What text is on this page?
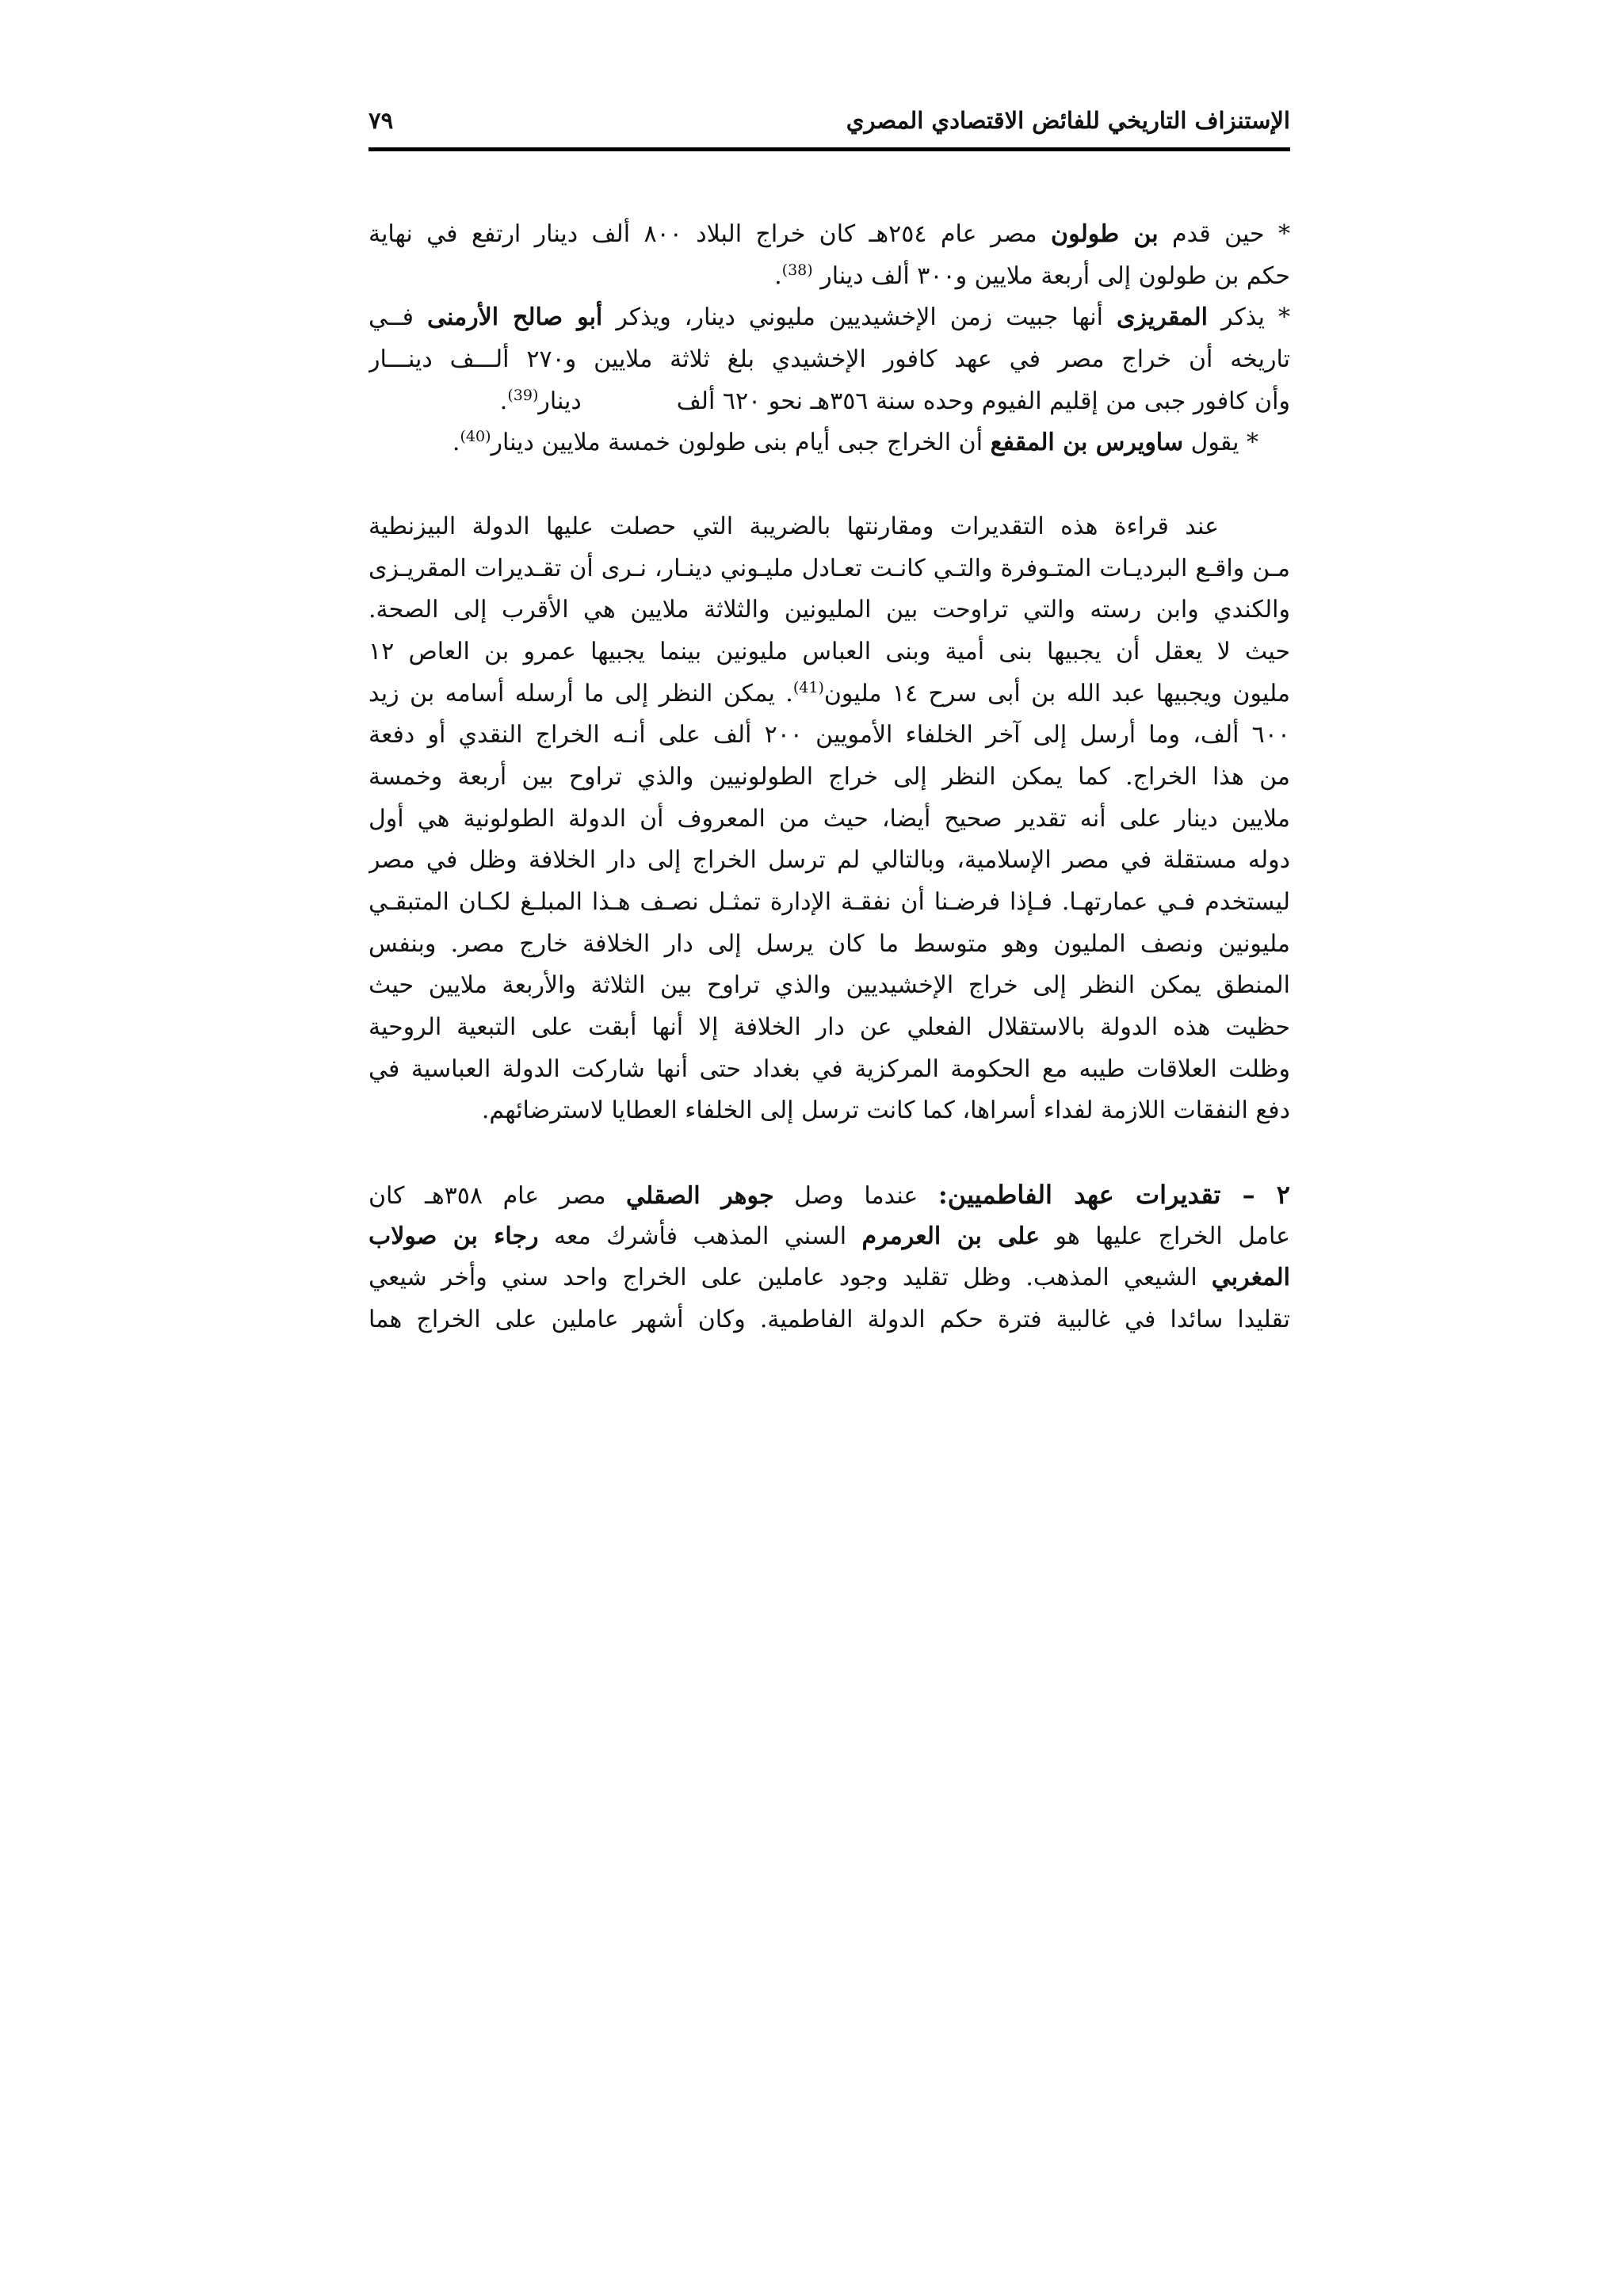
الإستنزاف التاريخي للفائض الاقتصادي المصري
٧٩
* حين قدم بن طولون مصر عام ٢٥٤هـ كان خراج البلاد ٨٠٠ ألف دينار ارتفع في نهاية
حكم بن طولون إلى أربعة ملايين و٣٠٠ ألف دينار $^{(38)}$.
* يذكر المقريزى أنها جبيت زمن الإخشيديين مليوني دينار، ويذكر أبو صالح الأرمنى فــي
تاريخه أن خراج مصر في عهد كافور الإخشيدي بلغ ثلاثة ملايين و٢٧٠ ألـــف دينـــار
وأن كافور جبى من إقليم الفيوم وحده سنة ٣٥٦هـ نحو ٦٢٠ ألفدينار$^{(39)}$.
* يقول ساويرس بن المقفع أن الخراج جبى أيام بنى طولون خمسة ملايين دينار$^{(40)}$.
عند قراءة هذه التقديرات ومقارنتها بالضريبة التي حصلت عليها الدولة البيزنطية
مـن واقـع البرديـات المتـوفرة والتـي كانـت تعـادل مليـوني دينـار، نـرى أن تقـديرات المقريـزى
والكندي وابن رسته والتي تراوحت بين المليونين والثلاثة ملايين هي الأقرب إلى الصحة.
حيث لا يعقل أن يجبيها بنى أمية وبنى العباس مليونين بينما يجبيها عمرو بن العاص ١٢
مليون ويجبيها عبد الله بن أبى سرح ١٤ مليون$^{(41)}$. يمكن النظر إلى ما أرسله أسامه بن زيد
٦٠٠ ألف، وما أرسل إلى آخر الخلفاء الأمويين ٢٠٠ ألف على أنـه الخراج النقدي أو دفعة
من هذا الخراج. كما يمكن النظر إلى خراج الطولونيين والذي تراوح بين أربعة وخمسة
ملايين دينار على أنه تقدير صحيح أيضا، حيث من المعروف أن الدولة الطولونية هي أول
دوله مستقلة في مصر الإسلامية، وبالتالي لم ترسل الخراج إلى دار الخلافة وظل في مصر
ليستخدم فـي عمارتهـا. فـإذا فرضـنا أن نفقـة الإدارة تمثـل نصـف هـذا المبلـغ لكـان المتبقـي
مليونين ونصف المليون وهو متوسط ما كان يرسل إلى دار الخلافة خارج مصر. وبنفس
المنطق يمكن النظر إلى خراج الإخشيديين والذي تراوح بين الثلاثة والأربعة ملايين حيث
حظيت هذه الدولة بالاستقلال الفعلي عن دار الخلافة إلا أنها أبقت على التبعية الروحية
وظلت العلاقات طيبه مع الحكومة المركزية في بغداد حتى أنها شاركت الدولة العباسية في
دفع النفقات اللازمة لفداء أسراها، كما كانت ترسل إلى الخلفاء العطايا لاسترضائهم.
٢ – تقديرات عهد الفاطميين: عندما وصل جوهر الصقلي مصر عام ٣٥٨هـ كان
عامل الخراج عليها هو على بن العرمرم السني المذهب فأشرك معه رجاء بن صولاب
المغربي الشيعي المذهب. وظل تقليد وجود عاملين على الخراج واحد سني وأخر شيعي
تقليدا سائدا في غالبية فترة حكم الدولة الفاطمية. وكان أشهر عاملين على الخراج هما
